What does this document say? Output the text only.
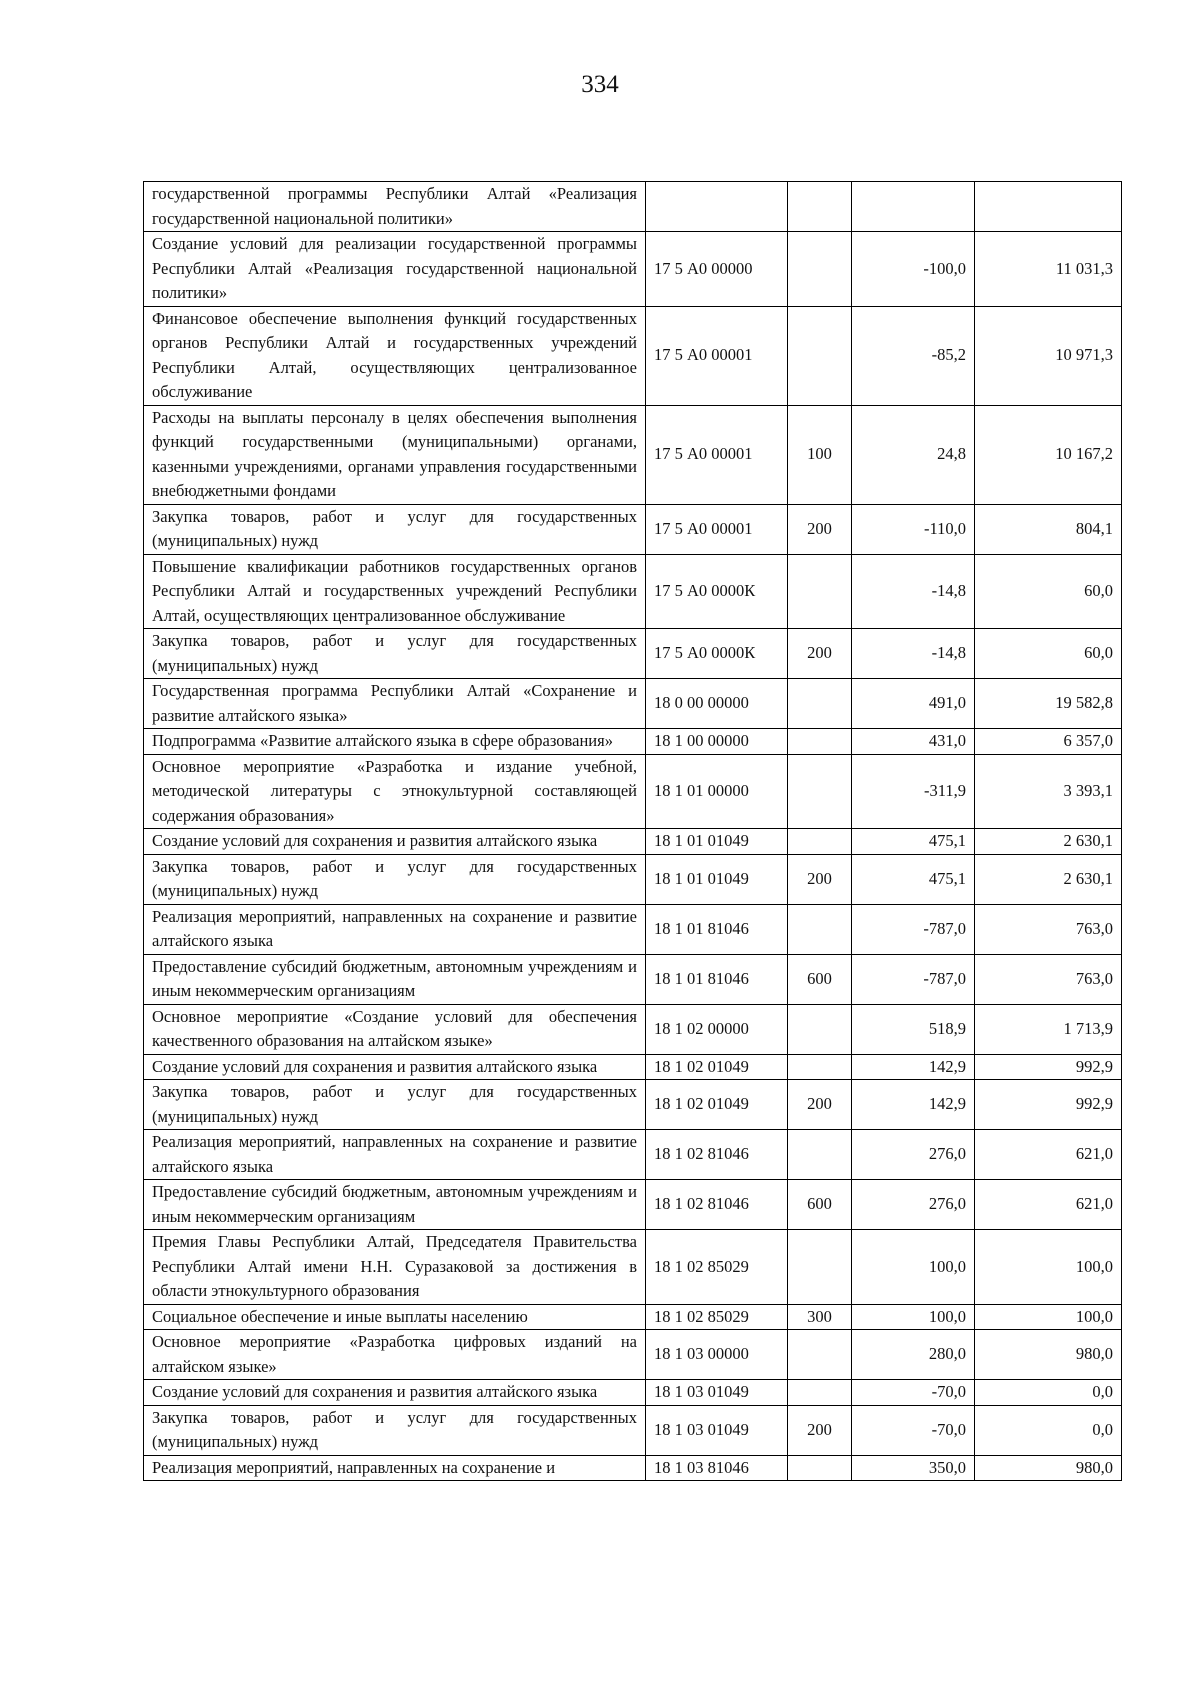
334
государственной программы Республики Алтай «Реализация государственной национальной политики»				
Создание условий для реализации государственной программы Республики Алтай «Реализация государственной национальной политики»	17 5 А0 00000		-100,0	11 031,3
Финансовое обеспечение выполнения функций государственных органов Республики Алтай и государственных учреждений Республики Алтай, осуществляющих централизованное обслуживание	17 5 А0 00001		-85,2	10 971,3
Расходы на выплаты персоналу в целях обеспечения выполнения функций государственными (муниципальными) органами, казенными учреждениями, органами управления государственными внебюджетными фондами	17 5 А0 00001	100	24,8	10 167,2
Закупка товаров, работ и услуг для государственных (муниципальных) нужд	17 5 А0 00001	200	-110,0	804,1
Повышение квалификации работников государственных органов Республики Алтай и государственных учреждений Республики Алтай, осуществляющих централизованное обслуживание	17 5 А0 0000К		-14,8	60,0
Закупка товаров, работ и услуг для государственных (муниципальных) нужд	17 5 А0 0000К	200	-14,8	60,0
Государственная программа Республики Алтай «Сохранение и развитие алтайского языка»	18 0 00 00000		491,0	19 582,8
Подпрограмма «Развитие алтайского языка в сфере образования»	18 1 00 00000		431,0	6 357,0
Основное мероприятие «Разработка и издание учебной, методической литературы с этнокультурной составляющей содержания образования»	18 1 01 00000		-311,9	3 393,1
Создание условий для сохранения и развития алтайского языка	18 1 01 01049		475,1	2 630,1
Закупка товаров, работ и услуг для государственных (муниципальных) нужд	18 1 01 01049	200	475,1	2 630,1
Реализация мероприятий, направленных на сохранение и развитие алтайского языка	18 1 01 81046		-787,0	763,0
Предоставление субсидий бюджетным, автономным учреждениям и иным некоммерческим организациям	18 1 01 81046	600	-787,0	763,0
Основное мероприятие «Создание условий для обеспечения качественного образования на алтайском языке»	18 1 02 00000		518,9	1 713,9
Создание условий для сохранения и развития алтайского языка	18 1 02 01049		142,9	992,9
Закупка товаров, работ и услуг для государственных (муниципальных) нужд	18 1 02 01049	200	142,9	992,9
Реализация мероприятий, направленных на сохранение и развитие алтайского языка	18 1 02 81046		276,0	621,0
Предоставление субсидий бюджетным, автономным учреждениям и иным некоммерческим организациям	18 1 02 81046	600	276,0	621,0
Премия Главы Республики Алтай, Председателя Правительства Республики Алтай имени Н.Н. Суразаковой за достижения в области этнокультурного образования	18 1 02 85029		100,0	100,0
Социальное обеспечение и иные выплаты населению	18 1 02 85029	300	100,0	100,0
Основное мероприятие «Разработка цифровых изданий на алтайском языке»	18 1 03 00000		280,0	980,0
Создание условий для сохранения и развития алтайского языка	18 1 03 01049		-70,0	0,0
Закупка товаров, работ и услуг для государственных (муниципальных) нужд	18 1 03 01049	200	-70,0	0,0
Реализация мероприятий, направленных на сохранение и	18 1 03 81046		350,0	980,0
